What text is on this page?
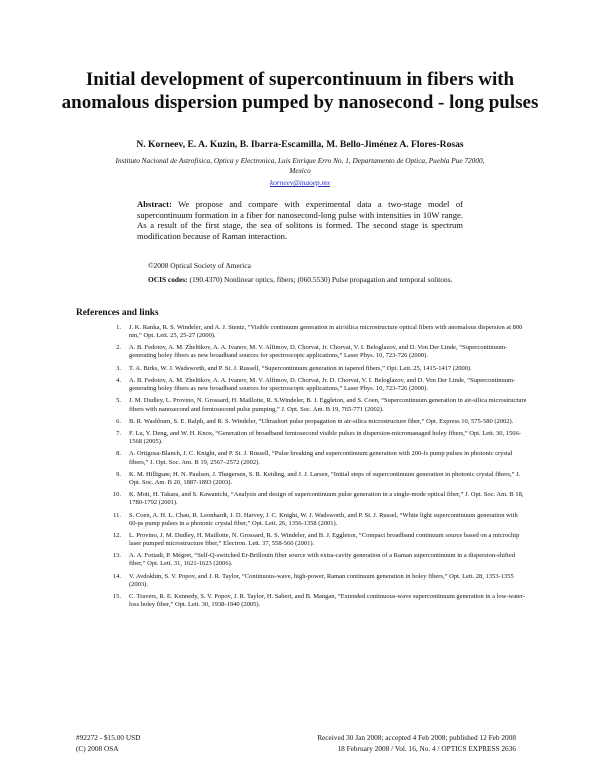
Initial development of supercontinuum in fibers with anomalous dispersion pumped by nanosecond - long pulses
N. Korneev, E. A. Kuzin, B. Ibarra-Escamilla, M. Bello-Jiménez A. Flores-Rosas
Instituto Nacional de Astrofísica, Optica y Electronica, Luis Enrique Erro No. 1, Departamento de Optica, Puebla Pue 72000, Mexico
korneev@inaoep.mx
Abstract: We propose and compare with experimental data a two-stage model of supercontinuum formation in a fiber for nanosecond-long pulse with intensities in 10W range. As a result of the first stage, the sea of solitons is formed. The second stage is spectrum modification because of Raman interaction.
©2008 Optical Society of America
OCIS codes: (190.4370) Nonlinear optics, fibers; (060.5530) Pulse propagation and temporal solitons.
References and links
1. J. K. Ranka, R. S. Windeler, and A. J. Stentz, “Visible continuum generation in air/silica microstructure optical fibers with anomalous dispersion at 800 nm,” Opt. Lett. 25, 25-27 (2000).
2. A. B. Fedotov, A. M. Zheltikov, A. A. Ivanov, M. V. Alfimov, D. Chorvat, Jr. Chorvat, V. I. Beloglazov, and D. Von Der Linde, “Supercontinuum-generating holey fibers as new broadband sources for spectroscopic applications,” Laser Phys. 10, 723-726 (2000).
3. T. A. Birks, W. J. Wadsworth, and P. St. J. Russell, “Supercontinuum generation in tapered fibers,” Opt. Lett. 25, 1415-1417 (2000).
4. A. B. Fedotov, A. M. Zheltikov, A. A. Ivanov, M. V. Alfimov, D. Chorvat, Jr. D. Chorvat, V. I. Beloglazov, and D. Von Der Linde, “Supercontinuum-generating holey fibers as new broadband sources for spectroscopic applications,” Laser Phys. 10, 723-726 (2000).
5. J. M. Dudley, L. Provino, N. Grossard, H. Maillotte, R. S.Windeler, B. J. Eggleton, and S. Coen, “Supercontinuum generation in air-silica microstructure fibers with nanosecond and femtosecond pulse pumping,” J. Opt. Soc. Am. B 19, 765-771 (2002).
6. B. R. Washburn, S. E. Ralph, and R. S. Windeler, “Ultrashort pulse propagation in air-silica microstructure fiber,” Opt. Express 10, 575-580 (2002).
7. F. Lu, Y. Deng, and W. H. Knox, “Generation of broadband femtosecond visible pulses in dispersion-micromanaged holey fibers,” Opt. Lett. 30, 1566-1568 (2005).
8. A. Ortigosa-Blanch, J. C. Knight, and P. St. J. Russell, “Pulse breaking and supercontinuum generation with 200-fs pump pulses in photonic crystal fibers,” J. Opt. Soc. Am. B 19, 2567–2572 (2002).
9. K. M. Hilligsøe, H. N. Paulsen, J. Thøgersen, S. R. Keiding, and J. J. Larsen, “Initial steps of supercontinuum generation in photonic crystal fibers,” J. Opt. Soc. Am. B 20, 1887-1893 (2003).
10. K. Moti, H. Takara, and S. Kawanichi, “Analysis and design of supercontinuum pulse generation in a single-mode optical fiber,” J. Opt. Soc. Am. B 18, 1780-1792 (2001).
11. S. Coen, A. H. L. Chau, R. Leonhardt, J. D. Harvey, J. C. Knight, W. J. Wadsworth, and P. St. J. Russel, “White light supercontinuum generation with 60-ps pump pulses in a photonic crystal fiber,” Opt. Lett. 26, 1356-1358 (2001).
12. L. Provino, J. M. Dudley, H. Maillotte, N. Grossard, R. S. Windeler, and B. J. Eggleton, “Compact broadband continuum source based on a microchip laser pumped microstructure fiber,” Electron. Lett. 37, 558-560 (2001).
13. A. A. Fotiadi, P. Mégret, “Self-Q-switched Er-Brillouin fiber source with extra-cavity generation of a Raman supercontinuum in a dispersion-shifted fiber,” Opt. Lett. 31, 1621-1623 (2006).
14. V. Avdokhin, S. V. Popov, and J. R. Taylor, “Continuous-wave, high-power, Raman continuum generation in holey fibers,” Opt. Lett. 28, 1353-1355 (2003).
15. C. Travers, R. E. Kennedy, S. V. Popov, J. R. Taylor, H. Sabert, and B. Mangan, “Extended continuous-wave supercontinuum generation in a low-water-loss holey fiber,” Opt. Lett. 30, 1938-1940 (2005).
#92272 - $15.00 USD
(C) 2008 OSA
Received 30 Jan 2008; accepted 4 Feb 2008; published 12 Feb 2008
18 February 2008 / Vol. 16, No. 4 / OPTICS EXPRESS 2636
